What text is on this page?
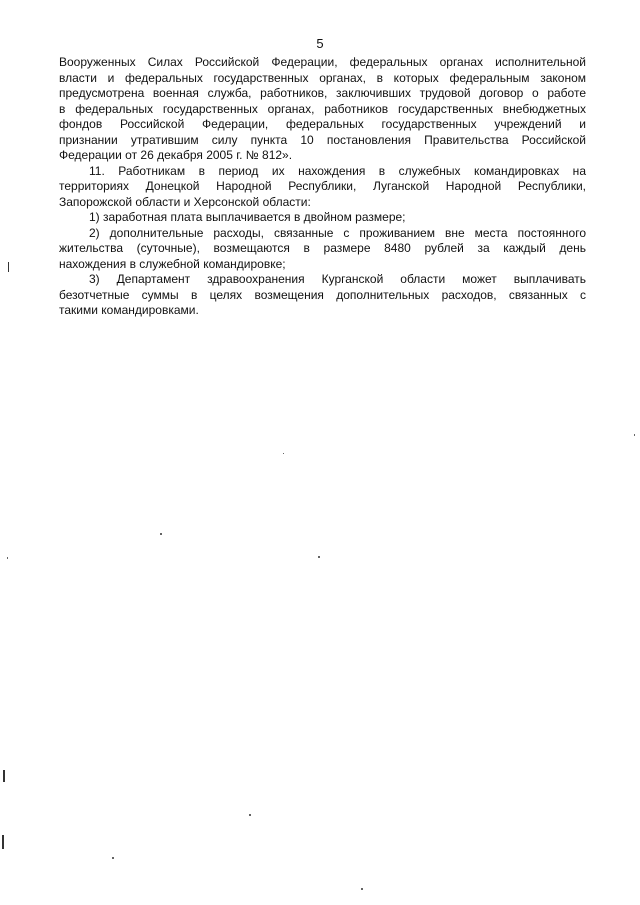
5

Вооруженных Силах Российской Федерации, федеральных органах исполнительной
власти и федеральных государственных органах, в которых федеральным законом
предусмотрена военная служба, работников, заключивших трудовой договор о работе
в федеральных государственных органах, работников государственных внебюджетных
фондов Российской Федерации, федеральных государственных учреждений и
признании утратившим силу пункта 10 постановления Правительства Российской
Федерации от 26 декабря 2005 г. № 812».

11. Работникам в период их нахождения в служебных командировках на
территориях Донецкой Народной Республики, Луганской Народной Республики,
Запорожской области и Херсонской области:

1) заработная плата выплачивается в двойном размере;

2) дополнительные расходы, связанные с проживанием вне места постоянного
жительства (суточные), возмещаются в размере 8480 рублей за каждый день
нахождения в служебной командировке;

3) Департамент здравоохранения Курганской области может выплачивать
безотчетные суммы в целях возмещения дополнительных расходов, связанных с
такими командировками.
